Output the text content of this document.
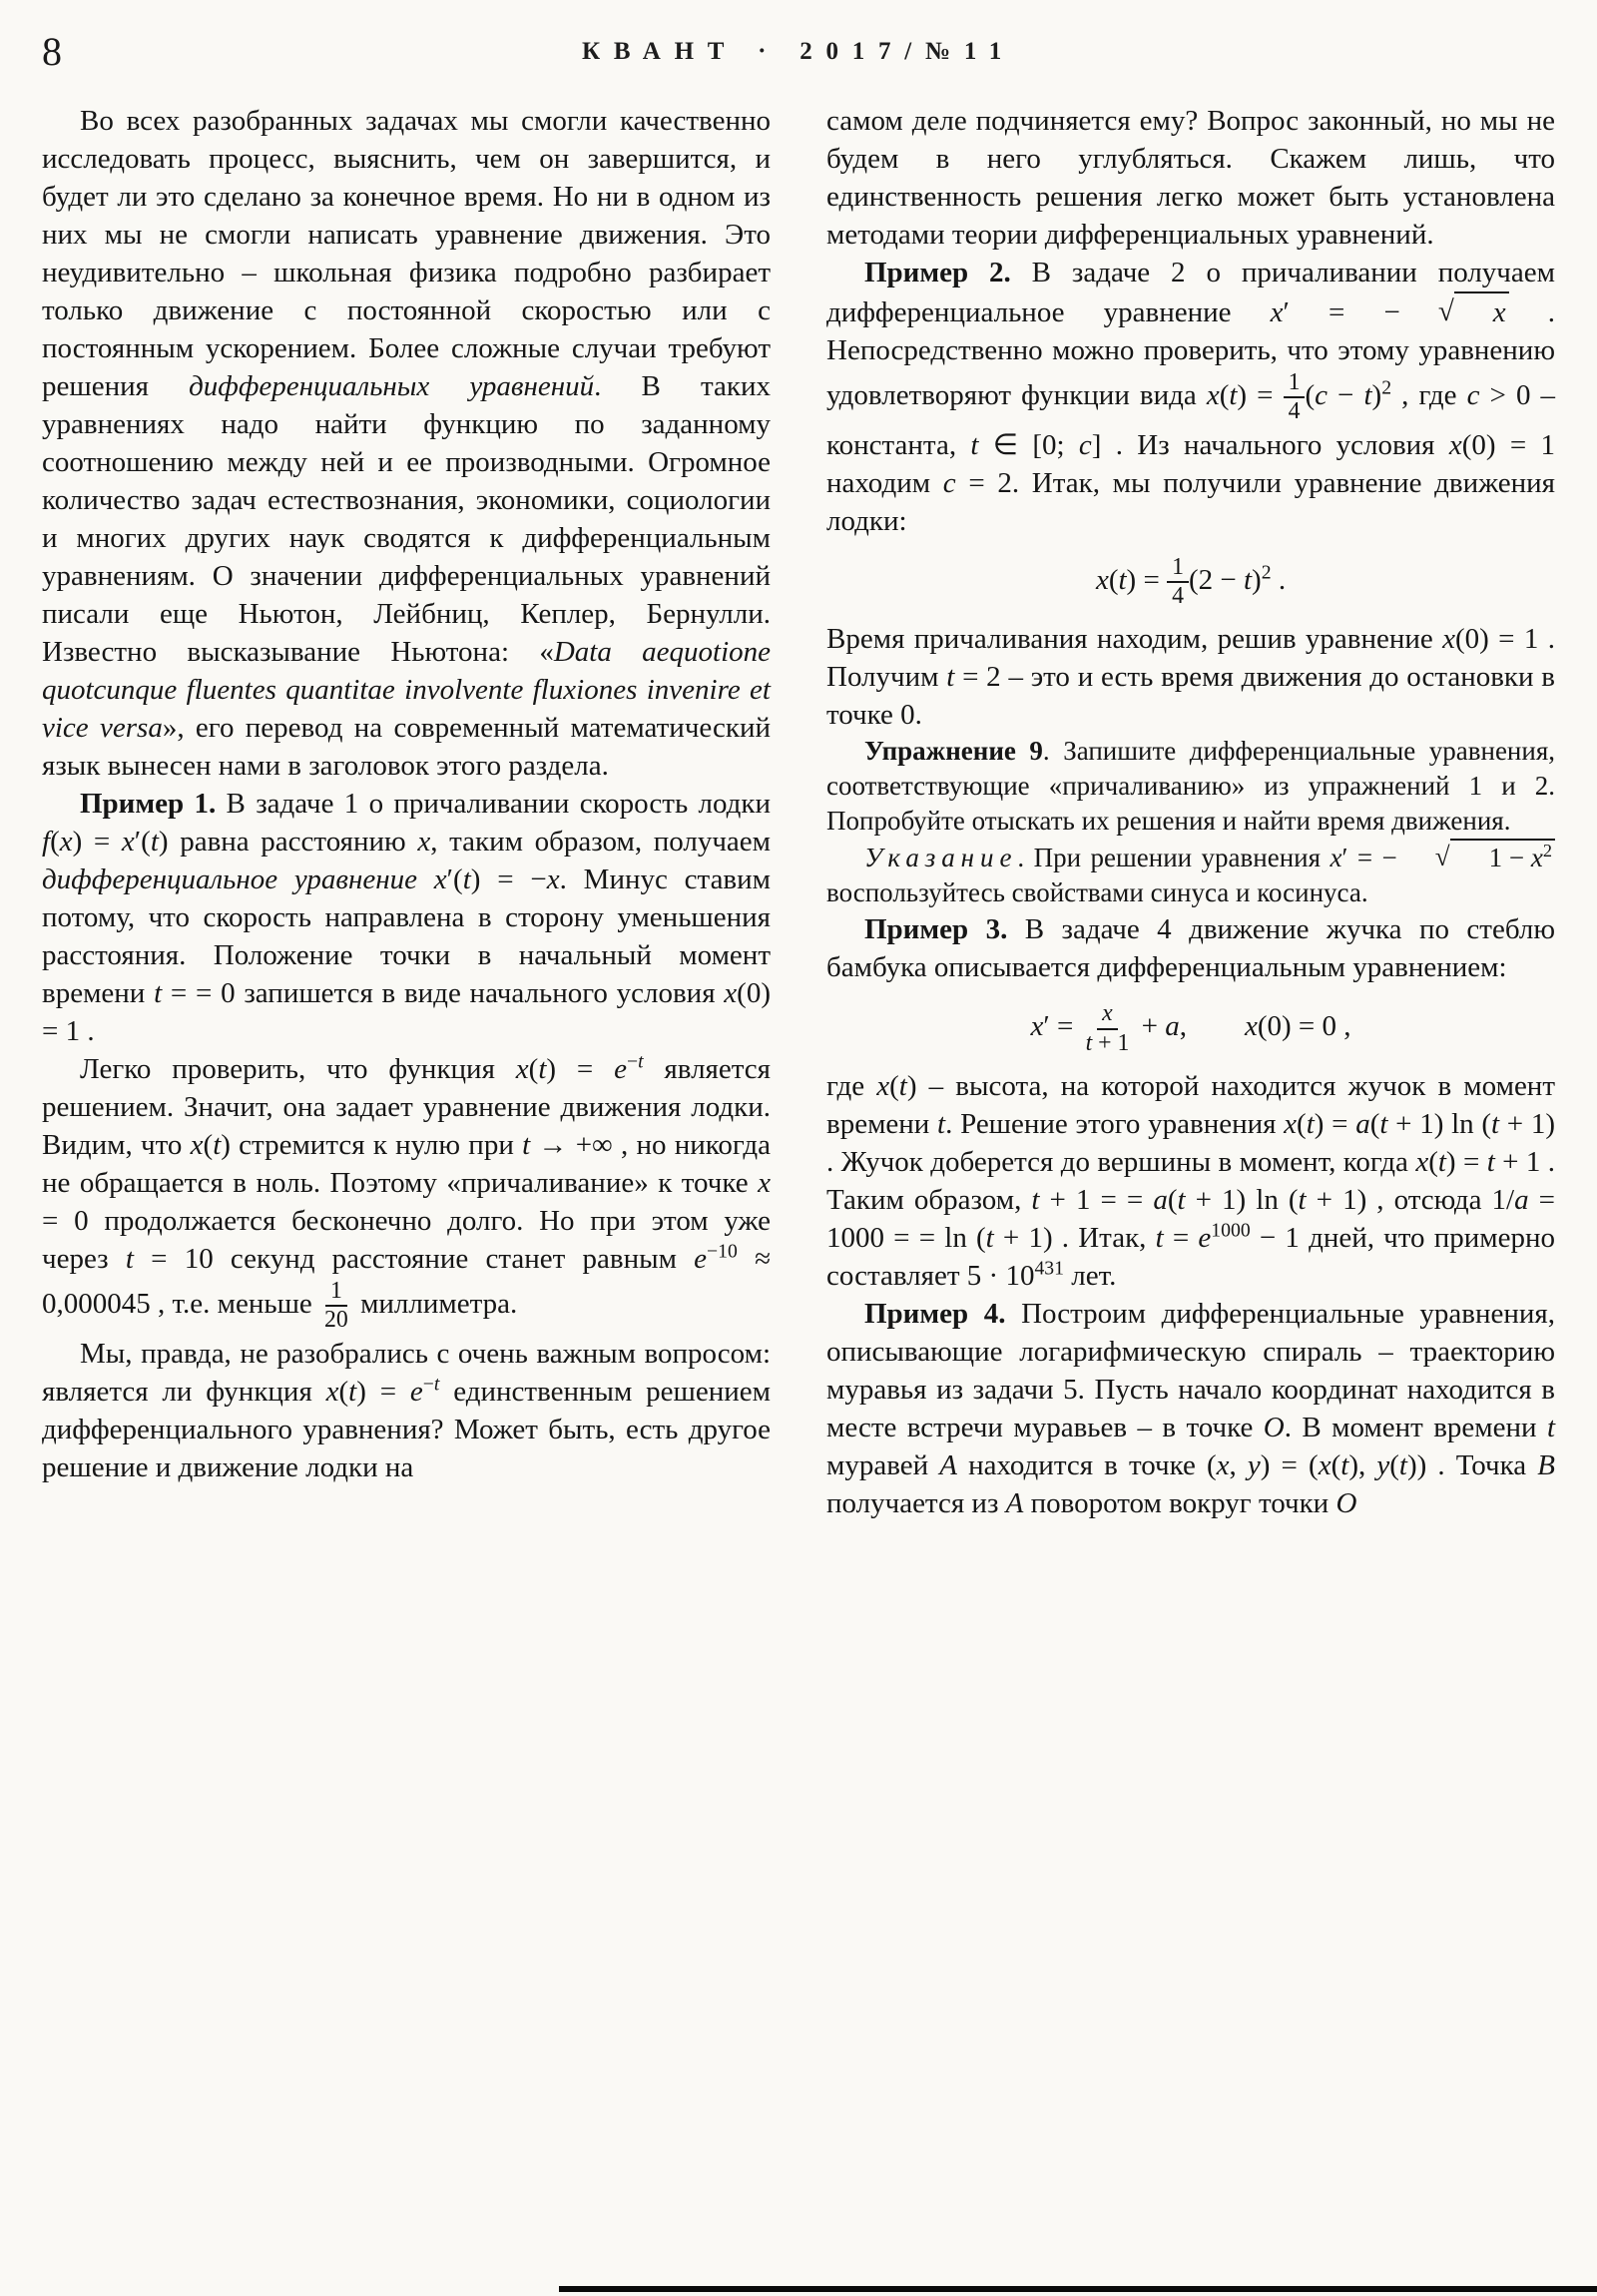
8	КВАНТ · 2017/№11
Во всех разобранных задачах мы смогли качественно исследовать процесс, выяснить, чем он завершится, и будет ли это сделано за конечное время. Но ни в одном из них мы не смогли написать уравнение движения. Это неудивительно – школьная физика подробно разбирает только движение с постоянной скоростью или с постоянным ускорением. Более сложные случаи требуют решения дифференциальных уравнений. В таких уравнениях надо найти функцию по заданному соотношению между ней и ее производными. Огромное количество задач естествознания, экономики, социологии и многих других наук сводятся к дифференциальным уравнениям. О значении дифференциальных уравнений писали еще Ньютон, Лейбниц, Кеплер, Бернулли. Известно высказывание Ньютона: «Data aequotione quotcunque fluentes quantitae involvente fluxiones invenire et vice versa», его перевод на современный математический язык вынесен нами в заголовок этого раздела.
Пример 1. В задаче 1 о причаливании скорость лодки f(x) = x′(t) равна расстоянию x, таким образом, получаем дифференциальное уравнение x′(t) = −x. Минус ставим потому, что скорость направлена в сторону уменьшения расстояния. Положение точки в начальный момент времени t = = 0 запишется в виде начального условия x(0) = 1 .
Легко проверить, что функция $x(t) = e^{-t}$ является решением. Значит, она задает уравнение движения лодки. Видим, что x(t) стремится к нулю при t → +∞ , но никогда не обращается в ноль. Поэтому «причаливание» к точке x = 0 продолжается бесконечно долго. Но при этом уже через t = 10 секунд расстояние станет равным $e^{-10} \approx 0,000045$ , т.е. меньше $\frac{1}{20}$ миллиметра.
Мы, правда, не разобрались с очень важным вопросом: является ли функция $x(t) = e^{-t}$ единственным решением дифференциального уравнения? Может быть, есть другое решение и движение лодки на
самом деле подчиняется ему? Вопрос законный, но мы не будем в него углубляться. Скажем лишь, что единственность решения легко может быть установлена методами теории дифференциальных уравнений.
Пример 2. В задаче 2 о причаливании получаем дифференциальное уравнение x′ = − √ x . Непосредственно можно проверить, что этому уравнению удовлетворяют функции вида $x(t) = \frac{1}{4} (c - t)^2$ , где c > 0 – константа, t ∈ [0; c] . Из начального условия x(0) = 1 находим c = 2. Итак, мы получили уравнение движения лодки:
$x(t) = \frac{1}{4} (2 - t)^2$ .
Время причаливания находим, решив уравнение x(0) = 1 . Получим t = 2 – это и есть время движения до остановки в точке 0.
Упражнение 9. Запишите дифференциальные уравнения, соответствующие «причаливанию» из упражнений 1 и 2. Попробуйте отыскать их решения и найти время движения.
Указание. При решении уравнения x′ = − √ $1 - x^2$ воспользуйтесь свойствами синуса и косинуса.
Пример 3. В задаче 4 движение жучка по стеблю бамбука описывается дифференциальным уравнением:
$x' = \frac{x}{t + 1} + a$,  x(0) = 0 ,
где x(t) – высота, на которой находится жучок в момент времени t. Решение этого уравнения x(t) = a(t + 1) ln (t + 1) . Жучок доберется до вершины в момент, когда x(t) = t + 1 . Таким образом, t + 1 = = a(t + 1) ln (t + 1) , отсюда 1/a = 1000 = = ln (t + 1) . Итак, $t = e^{1000} - 1$ дней, что примерно составляет $5 \cdot 10^{431}$ лет.
Пример 4. Построим дифференциальные уравнения, описывающие логарифмическую спираль – траекторию муравья из задачи 5. Пусть начало координат находится в месте встречи муравьев – в точке O. В момент времени t муравей A находится в точке (x, y) = (x(t), y(t)) . Точка B получается из A поворотом вокруг точки O
